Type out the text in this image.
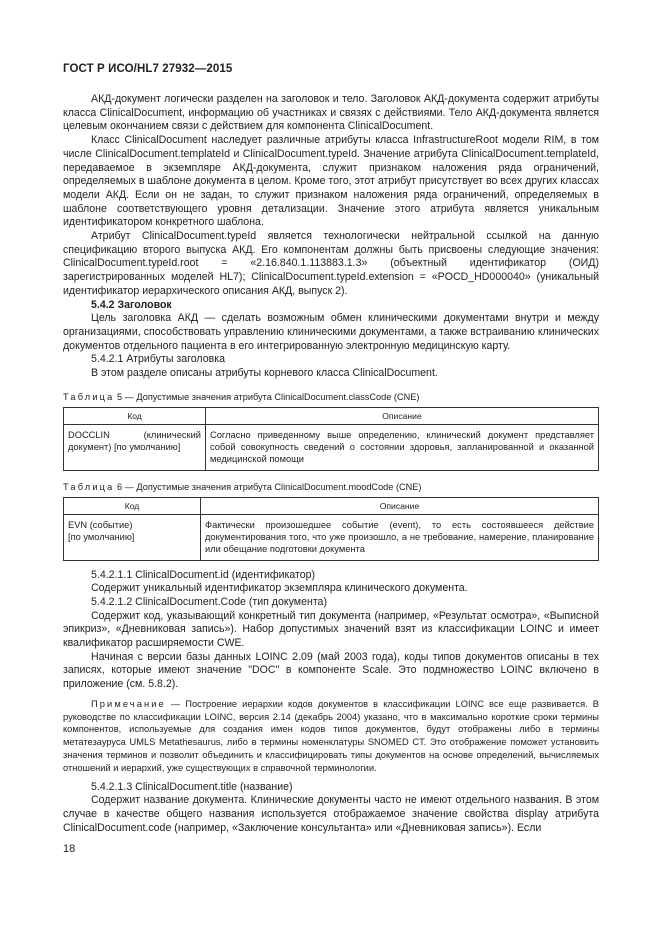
ГОСТ Р ИСО/HL7 27932—2015

АКД-документ логически разделен на заголовок и тело. Заголовок АКД-документа содержит атрибуты класса ClinicalDocument, информацию об участниках и связях с действиями. Тело АКД-документа является целевым окончанием связи с действием для компонента ClinicalDocument.

Класс ClinicalDocument наследует различные атрибуты класса InfrastructureRoot модели RIM, в том числе ClinicalDocument.templateId и ClinicalDocument.typeId. Значение атрибута ClinicalDocument.templateId, передаваемое в экземпляре АКД-документа, служит признаком наложения ряда ограничений, определяемых в шаблоне документа в целом. Кроме того, этот атрибут присутствует во всех других классах модели АКД. Если он не задан, то служит признаком наложения ряда ограничений, определяемых в шаблоне соответствующего уровня детализации. Значение этого атрибута является уникальным идентификатором конкретного шаблона.

Атрибут ClinicalDocument.typeId является технологически нейтральной ссылкой на данную спецификацию второго выпуска АКД. Его компонентам должны быть присвоены следующие значения: ClinicalDocument.typeId.root = «2.16.840.1.113883.1.3» (объектный идентификатор (ОИД) зарегистрированных моделей HL7); ClinicalDocument.typeId.extension = «POCD_HD000040» (уникальный идентификатор иерархического описания АКД, выпуск 2).

5.4.2 Заголовок

Цель заголовка АКД — сделать возможным обмен клиническими документами внутри и между организациями, способствовать управлению клиническими документами, а также встраиванию клинических документов отдельного пациента в его интегрированную электронную медицинскую карту.

5.4.2.1 Атрибуты заголовка

В этом разделе описаны атрибуты корневого класса ClinicalDocument.

Таблица 5 — Допустимые значения атрибута ClinicalDocument.classCode (CNE)

Код	Описание
DOCCLIN (клинический документ) [по умолчанию]	Согласно приведенному выше определению, клинический документ представляет собой совокупность сведений о состоянии здоровья, запланированной и оказанной медицинской помощи

Таблица 6 — Допустимые значения атрибута ClinicalDocument.moodCode (CNE)

Код	Описание

EVN (событие)
[по умолчанию]	Фактически произошедшее событие (event), то есть состоявшееся действие документирования того, что уже произошло, а не требование, намерение, планирование или обещание подготовки документа

5.4.2.1.1 ClinicalDocument.id (идентификатор)

Содержит уникальный идентификатор экземпляра клинического документа.

5.4.2.1.2 ClinicalDocument.Code (тип документа)

Содержит код, указывающий конкретный тип документа (например, «Результат осмотра», «Выписной эпикриз», «Дневниковая запись»). Набор допустимых значений взят из классификации LOINC и имеет квалификатор расширяемости CWE.

Начиная с версии базы данных LOINC 2.09 (май 2003 года), коды типов документов описаны в тех записях, которые имеют значение "DOC" в компоненте Scale. Это подмножество LOINC включено в приложение (см. 5.8.2).

Примечание — Построение иерархии кодов документов в классификации LOINC все еще развивается. В руководстве по классификации LOINC, версия 2.14 (декабрь 2004) указано, что в максимально короткие сроки термины компонентов, используемые для создания имен кодов типов документов, будут отображены либо в термины метатезауруса UMLS Metathesaurus, либо в термины номенклатуры SNOMED CT. Это отображение поможет установить значения терминов и позволит объединить и классифицировать типы документов на основе определений, вычисляемых отношений и иерархий, уже существующих в справочной терминологии.

5.4.2.1.3 ClinicalDocument.title (название)

Содержит название документа. Клинические документы часто не имеют отдельного названия. В этом случае в качестве общего названия используется отображаемое значение свойства display атрибута ClinicalDocument.code (например, «Заключение консультанта» или «Дневниковая запись»). Если

18
